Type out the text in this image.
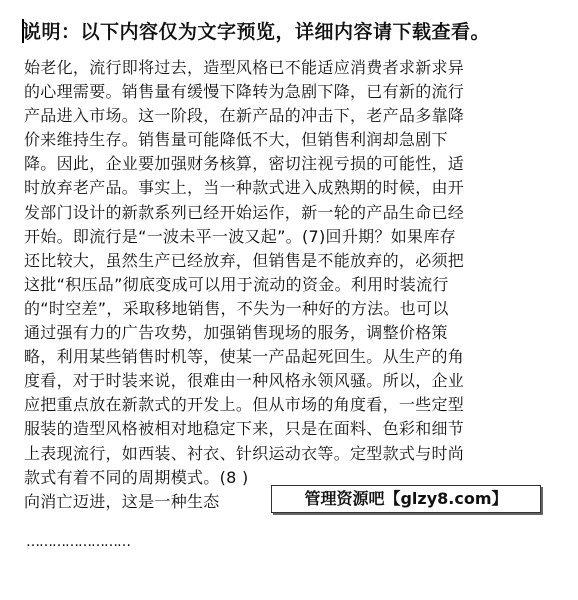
说明：以下内容仅为文字预览，详细内容请下载查看。
始老化，流行即将过去，造型风格已不能适应消费者求新求异
的心理需要。销售量有缓慢下降转为急剧下降，已有新的流行
产品进入市场。这一阶段，在新产品的冲击下，老产品多靠降
价来维持生存。销售量可能降低不大，但销售利润却急剧下
降。因此，企业要加强财务核算，密切注视亏损的可能性，适
时放弃老产品。事实上，当一种款式进入成熟期的时候，由开
发部门设计的新款系列已经开始运作，新一轮的产品生命已经
开始。即流行是“一波未平一波又起”。(7)回升期？如果库存
还比较大，虽然生产已经放弃，但销售是不能放弃的，必须把
这批“积压品”彻底变成可以用于流动的资金。利用时装流行
的“时空差”，采取移地销售，不失为一种好的方法。也可以
通过强有力的广告攻势，加强销售现场的服务，调整价格策
略，利用某些销售时机等，使某一产品起死回生。从生产的角
度看，对于时装来说，很难由一种风格永领风骚。所以，企业
应把重点放在新款式的开发上。但从市场的角度看，一些定型
服装的造型风格被相对地稳定下来，只是在面料、色彩和细节
上表现流行，如西装、衬衣、针织运动衣等。定型款式与时尚
款式有着不同的周期模式。(8 )
向消亡迈进，这是一种生态	管理资源吧【glzy8.com】
……………………
